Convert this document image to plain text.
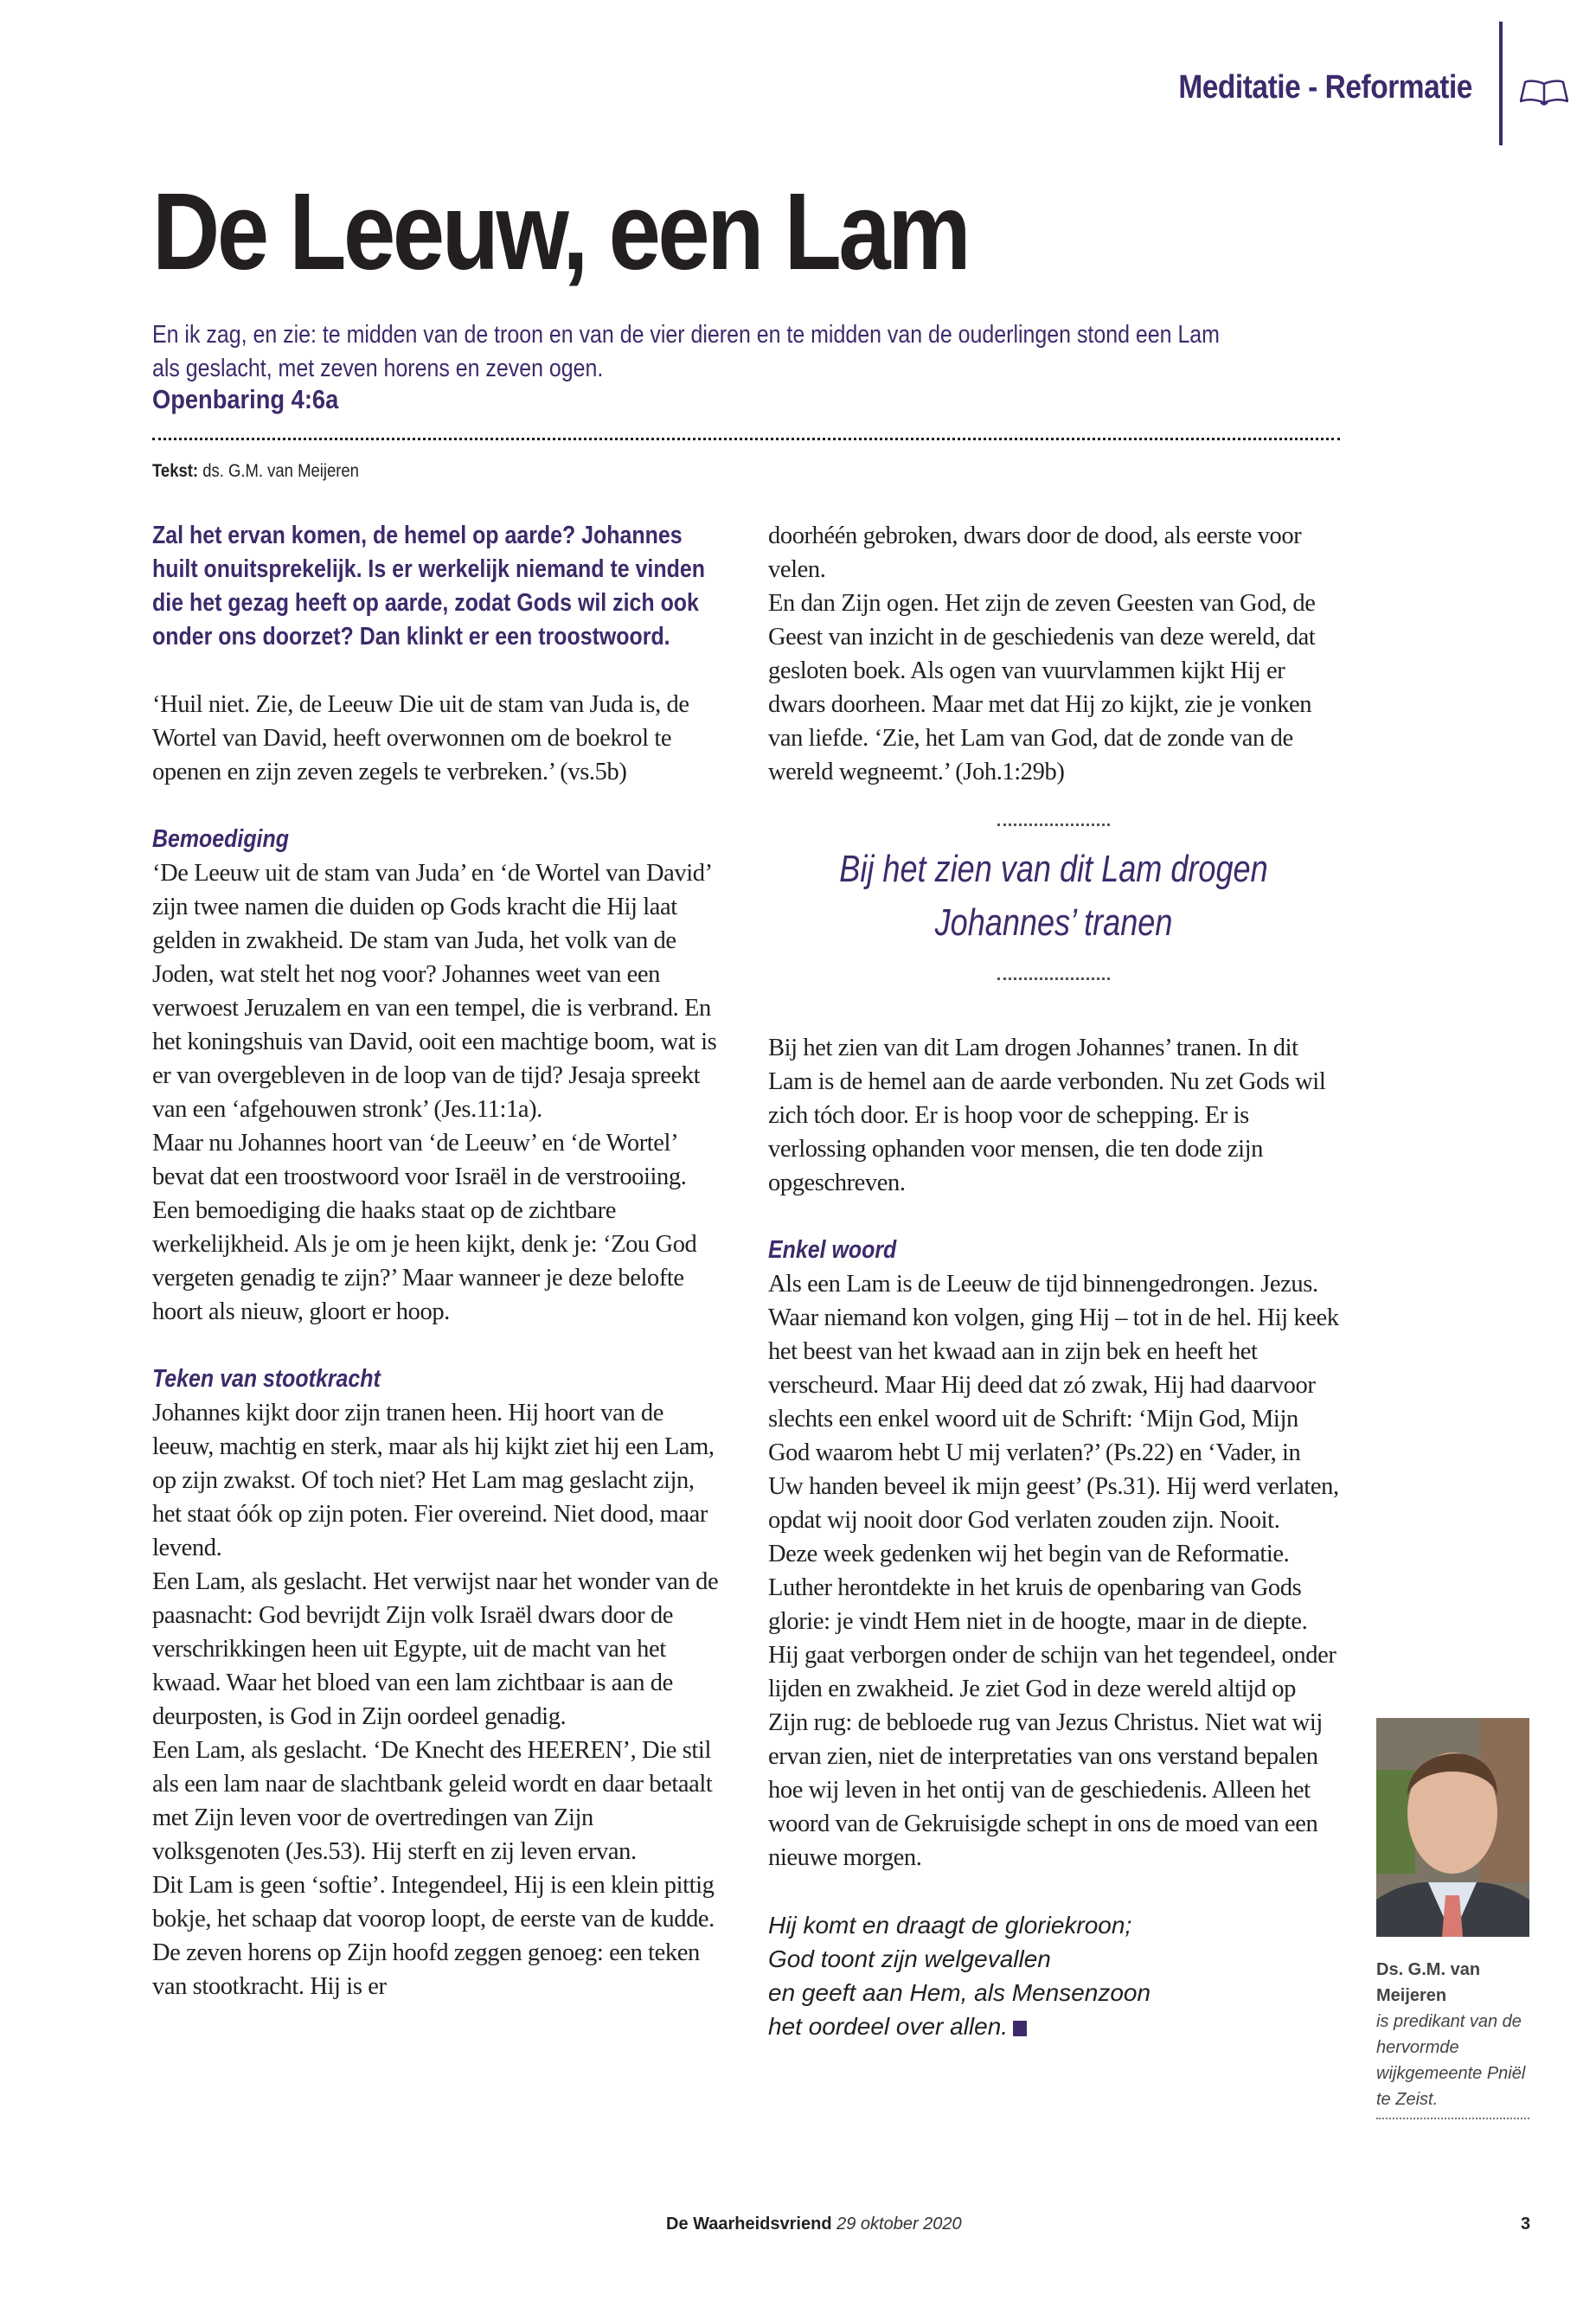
Meditatie - Reformatie
De Leeuw, een Lam
En ik zag, en zie: te midden van de troon en van de vier dieren en te midden van de ouderlingen stond een Lam als geslacht, met zeven horens en zeven ogen.
Openbaring 4:6a
Tekst: ds. G.M. van Meijeren

Zal het ervan komen, de hemel op aarde? Johannes huilt onuitsprekelijk. Is er werkelijk niemand te vinden die het gezag heeft op aarde, zodat Gods wil zich ook onder ons doorzet? Dan klinkt er een troostwoord.

‘Huil niet. Zie, de Leeuw Die uit de stam van Juda is, de Wortel van David, heeft overwonnen om de boekrol te openen en zijn zeven zegels te verbreken.’ (vs.5b)

Bemoediging

‘De Leeuw uit de stam van Juda’ en ‘de Wortel van David’ zijn twee namen die duiden op Gods kracht die Hij laat gelden in zwakheid. De stam van Juda, het volk van de Joden, wat stelt het nog voor? Johannes weet van een verwoest Jeruzalem en van een tempel, die is verbrand. En het koningshuis van David, ooit een machtige boom, wat is er van overgebleven in de loop van de tijd? Jesaja spreekt van een ‘afgehouwen stronk’ (Jes.11:1a).

Maar nu Johannes hoort van ‘de Leeuw’ en ‘de Wortel’ bevat dat een troostwoord voor Israël in de verstrooiing. Een bemoediging die haaks staat op de zichtbare werkelijkheid. Als je om je heen kijkt, denk je: ‘Zou God vergeten genadig te zijn?’ Maar wanneer je deze belofte hoort als nieuw, gloort er hoop.

Teken van stootkracht

Johannes kijkt door zijn tranen heen. Hij hoort van de leeuw, machtig en sterk, maar als hij kijkt ziet hij een Lam, op zijn zwakst. Of toch niet? Het Lam mag geslacht zijn, het staat óók op zijn poten. Fier overeind. Niet dood, maar levend.

Een Lam, als geslacht. Het verwijst naar het wonder van de paasnacht: God bevrijdt Zijn volk Israël dwars door de verschrikkingen heen uit Egypte, uit de macht van het kwaad. Waar het bloed van een lam zichtbaar is aan de deurposten, is God in Zijn oordeel genadig.

Een Lam, als geslacht. ‘De Knecht des HEEREN’, Die stil als een lam naar de slachtbank geleid wordt en daar betaalt met Zijn leven voor de overtredingen van Zijn volksgenoten (Jes.53). Hij sterft en zij leven ervan.

Dit Lam is geen ‘softie’. Integendeel, Hij is een klein pittig bokje, het schaap dat voorop loopt, de eerste van de kudde. De zeven horens op Zijn hoofd zeggen genoeg: een teken van stootkracht. Hij is er

doorhéén gebroken, dwars door de dood, als eerste voor velen.

En dan Zijn ogen. Het zijn de zeven Geesten van God, de Geest van inzicht in de geschiedenis van deze wereld, dat gesloten boek. Als ogen van vuurvlammen kijkt Hij er dwars doorheen. Maar met dat Hij zo kijkt, zie je vonken van liefde. ‘Zie, het Lam van God, dat de zonde van de wereld wegneemt.’ (Joh.1:29b)

Bij het zien van dit Lam drogen Johannes’ tranen

Bij het zien van dit Lam drogen Johannes’ tranen. In dit Lam is de hemel aan de aarde verbonden. Nu zet Gods wil zich tóch door. Er is hoop voor de schepping. Er is verlossing ophanden voor mensen, die ten dode zijn opgeschreven.

Enkel woord

Als een Lam is de Leeuw de tijd binnengedrongen. Jezus. Waar niemand kon volgen, ging Hij – tot in de hel. Hij keek het beest van het kwaad aan in zijn bek en heeft het verscheurd. Maar Hij deed dat zó zwak, Hij had daarvoor slechts een enkel woord uit de Schrift: ‘Mijn God, Mijn God waarom hebt U mij verlaten?’ (Ps.22) en ‘Vader, in Uw handen beveel ik mijn geest’ (Ps.31). Hij werd verlaten, opdat wij nooit door God verlaten zouden zijn. Nooit.

Deze week gedenken wij het begin van de Reformatie. Luther herontdekte in het kruis de openbaring van Gods glorie: je vindt Hem niet in de hoogte, maar in de diepte. Hij gaat verborgen onder de schijn van het tegendeel, onder lijden en zwakheid. Je ziet God in deze wereld altijd op Zijn rug: de bebloede rug van Jezus Christus. Niet wat wij ervan zien, niet de interpretaties van ons verstand bepalen hoe wij leven in het ontij van de geschiedenis. Alleen het woord van de Gekruisigde schept in ons de moed van een nieuwe morgen.

Hij komt en draagt de gloriekroon;
God toont zijn welgevallen
en geeft aan Hem, als Mensenzoon
het oordeel over allen.
Ds. G.M. van Meijeren
is predikant van de hervormde wijkgemeente Pniël te Zeist.
De Waarheidsvriend 29 oktober 2020	3
